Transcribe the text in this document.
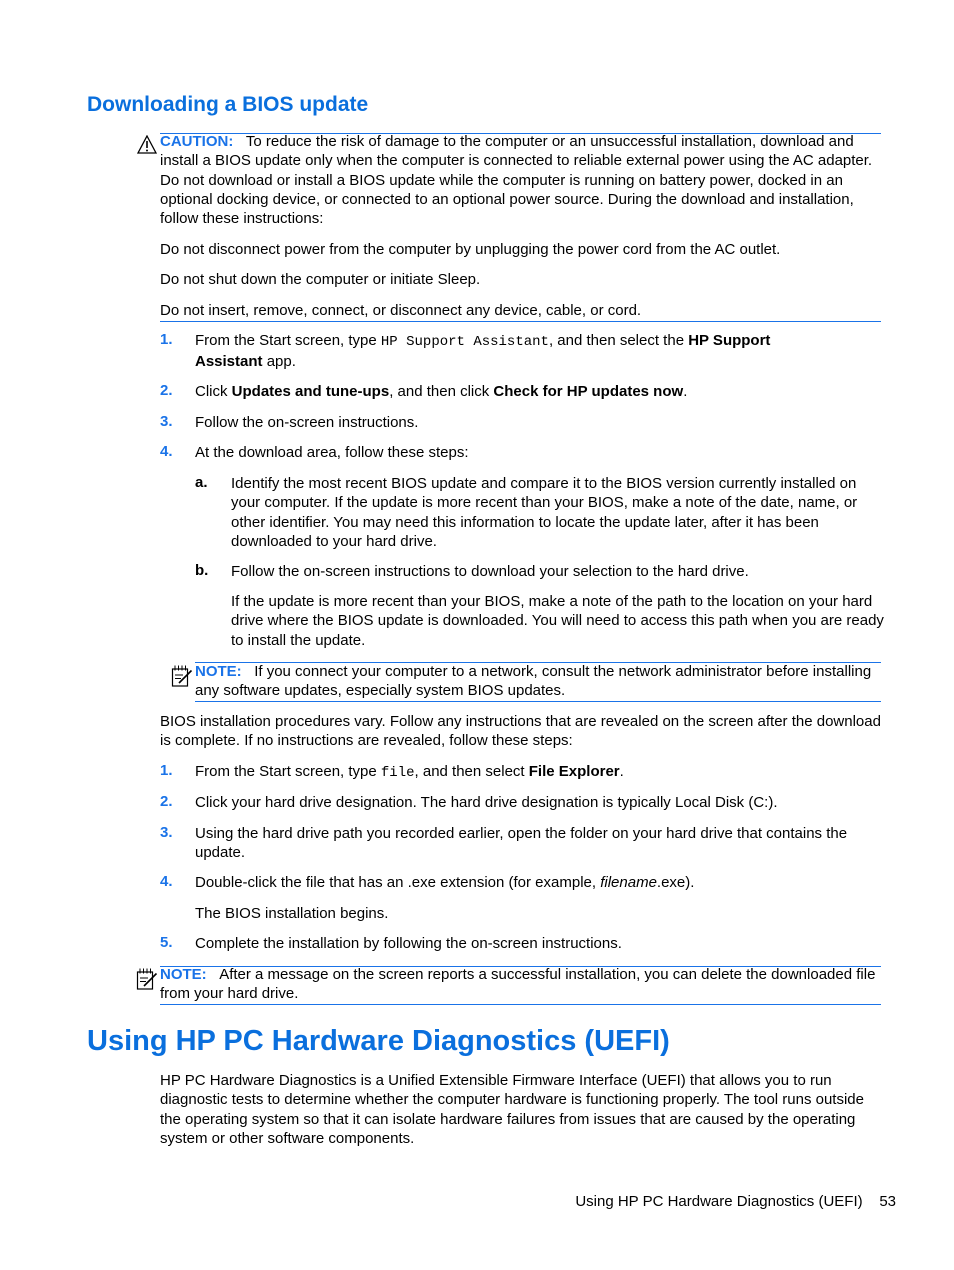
Downloading a BIOS update
CAUTION: To reduce the risk of damage to the computer or an unsuccessful installation, download and install a BIOS update only when the computer is connected to reliable external power using the AC adapter. Do not download or install a BIOS update while the computer is running on battery power, docked in an optional docking device, or connected to an optional power source. During the download and installation, follow these instructions:
Do not disconnect power from the computer by unplugging the power cord from the AC outlet.
Do not shut down the computer or initiate Sleep.
Do not insert, remove, connect, or disconnect any device, cable, or cord.
1. From the Start screen, type HP Support Assistant, and then select the HP Support
Assistant app.
2. Click Updates and tune-ups, and then click Check for HP updates now.
3. Follow the on-screen instructions.
4. At the download area, follow these steps:
a. Identify the most recent BIOS update and compare it to the BIOS version currently installed on your computer. If the update is more recent than your BIOS, make a note of the date, name, or other identifier. You may need this information to locate the update later, after it has been downloaded to your hard drive.
b. Follow the on-screen instructions to download your selection to the hard drive.
If the update is more recent than your BIOS, make a note of the path to the location on your hard drive where the BIOS update is downloaded. You will need to access this path when you are ready to install the update.
NOTE: If you connect your computer to a network, consult the network administrator before installing any software updates, especially system BIOS updates.
BIOS installation procedures vary. Follow any instructions that are revealed on the screen after the download is complete. If no instructions are revealed, follow these steps:
1. From the Start screen, type file, and then select File Explorer.
2. Click your hard drive designation. The hard drive designation is typically Local Disk (C:).
3. Using the hard drive path you recorded earlier, open the folder on your hard drive that contains the update.
4. Double-click the file that has an .exe extension (for example, filename.exe).
The BIOS installation begins.
5. Complete the installation by following the on-screen instructions.
NOTE: After a message on the screen reports a successful installation, you can delete the downloaded file from your hard drive.
Using HP PC Hardware Diagnostics (UEFI)
HP PC Hardware Diagnostics is a Unified Extensible Firmware Interface (UEFI) that allows you to run diagnostic tests to determine whether the computer hardware is functioning properly. The tool runs outside the operating system so that it can isolate hardware failures from issues that are caused by the operating system or other software components.
Using HP PC Hardware Diagnostics (UEFI) 53
